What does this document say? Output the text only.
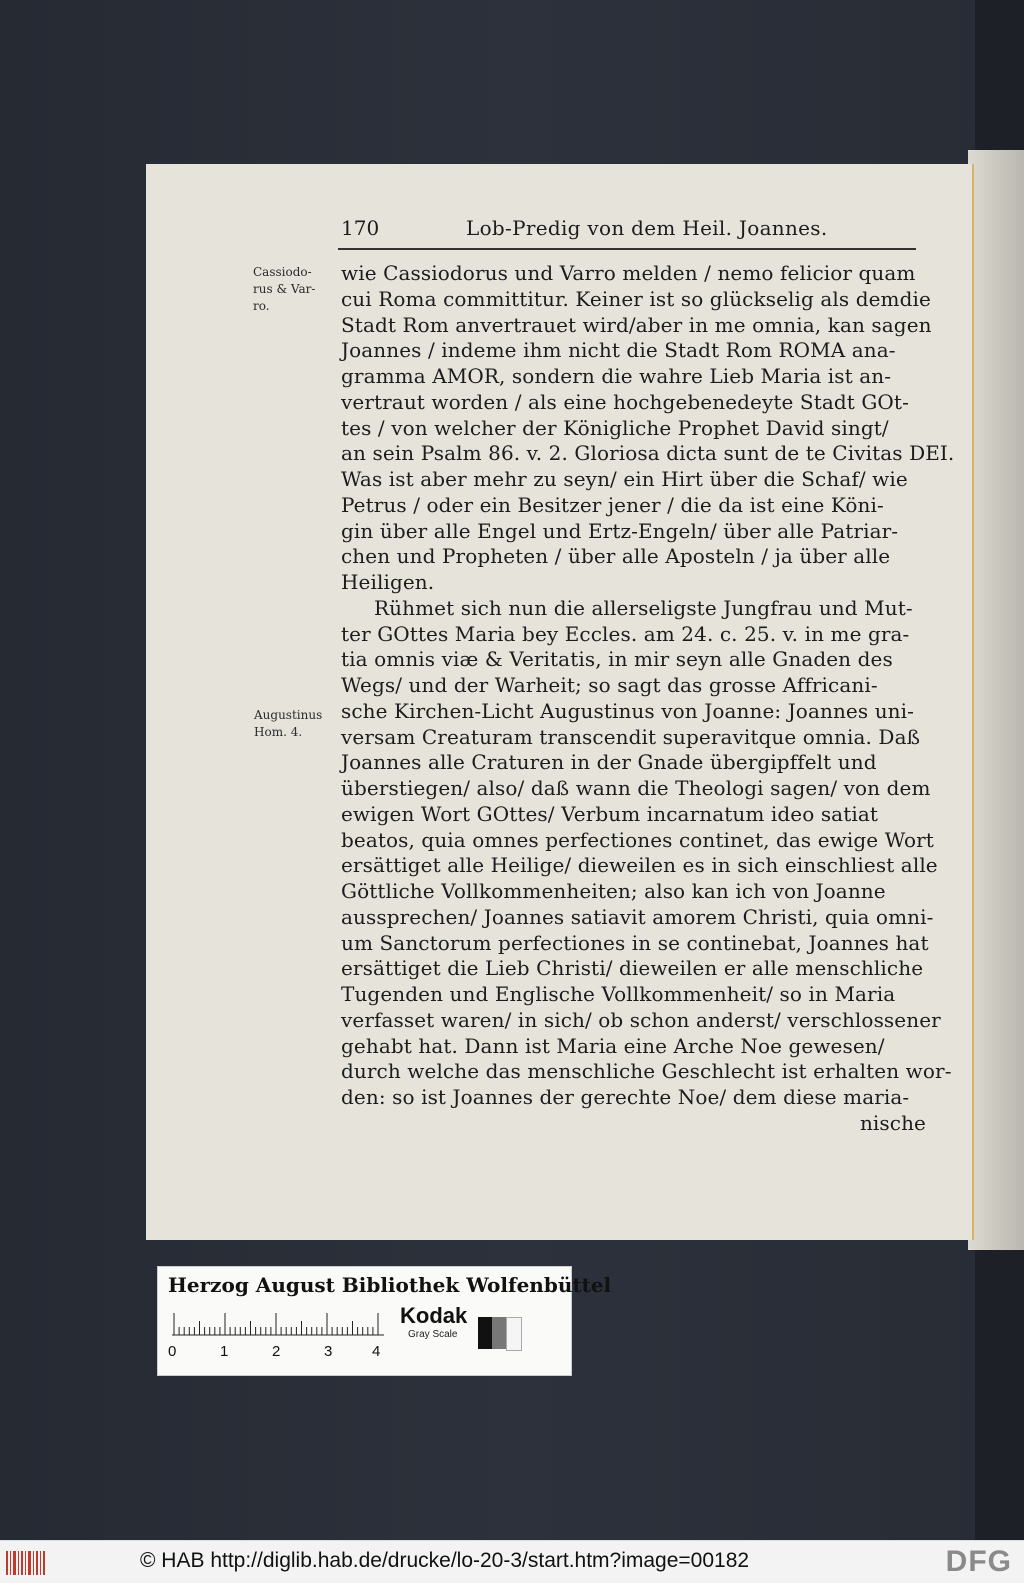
170	Lob-Predig von dem Heil. Joannes.
Cassiodo-
rus & Var-
ro.
Augustinus
Hom. 4.
wie Cassiodorus und Varro melden / nemo felicior quam
cui Roma committitur. Keiner ist so glückselig als demdie
Stadt Rom anvertrauet wird/aber in me omnia, kan sagen
Joannes / indeme ihm nicht die Stadt Rom ROMA ana-
gramma AMOR, sondern die wahre Lieb Maria ist an-
vertraut worden / als eine hochgebenedeyte Stadt GOt-
tes / von welcher der Königliche Prophet David singt/
an sein Psalm 86. v. 2. Gloriosa dicta sunt de te Civitas DEI.
Was ist aber mehr zu seyn/ ein Hirt über die Schaf/ wie
Petrus / oder ein Besitzer jener / die da ist eine Köni-
gin über alle Engel und Ertz-Engeln/ über alle Patriar-
chen und Propheten / über alle Aposteln / ja über alle
Heiligen.
Rühmet sich nun die allerseligste Jungfrau und Mut-
ter GOttes Maria bey Eccles. am 24. c. 25. v. in me gra-
tia omnis viæ & Veritatis, in mir seyn alle Gnaden des
Wegs/ und der Warheit; so sagt das grosse Affricani-
sche Kirchen-Licht Augustinus von Joanne: Joannes uni-
versam Creaturam transcendit superavitque omnia. Daß
Joannes alle Craturen in der Gnade übergipffelt und
überstiegen/ also/ daß wann die Theologi sagen/ von dem
ewigen Wort GOttes/ Verbum incarnatum ideo satiat
beatos, quia omnes perfectiones continet, das ewige Wort
ersättiget alle Heilige/ dieweilen es in sich einschliest alle
Göttliche Vollkommenheiten; also kan ich von Joanne
aussprechen/ Joannes satiavit amorem Christi, quia omni-
um Sanctorum perfectiones in se continebat, Joannes hat
ersättiget die Lieb Christi/ dieweilen er alle menschliche
Tugenden und Englische Vollkommenheit/ so in Maria
verfasset waren/ in sich/ ob schon anderst/ verschlossener
gehabt hat. Dann ist Maria eine Arche Noe gewesen/
durch welche das menschliche Geschlecht ist erhalten wor-
den: so ist Joannes der gerechte Noe/ dem diese maria-
nische
Herzog August Bibliothek Wolfenbüttel
0	1	2	3	4
Kodak
Gray Scale
© HAB http://diglib.hab.de/drucke/lo-20-3/start.htm?image=00182	DFG
